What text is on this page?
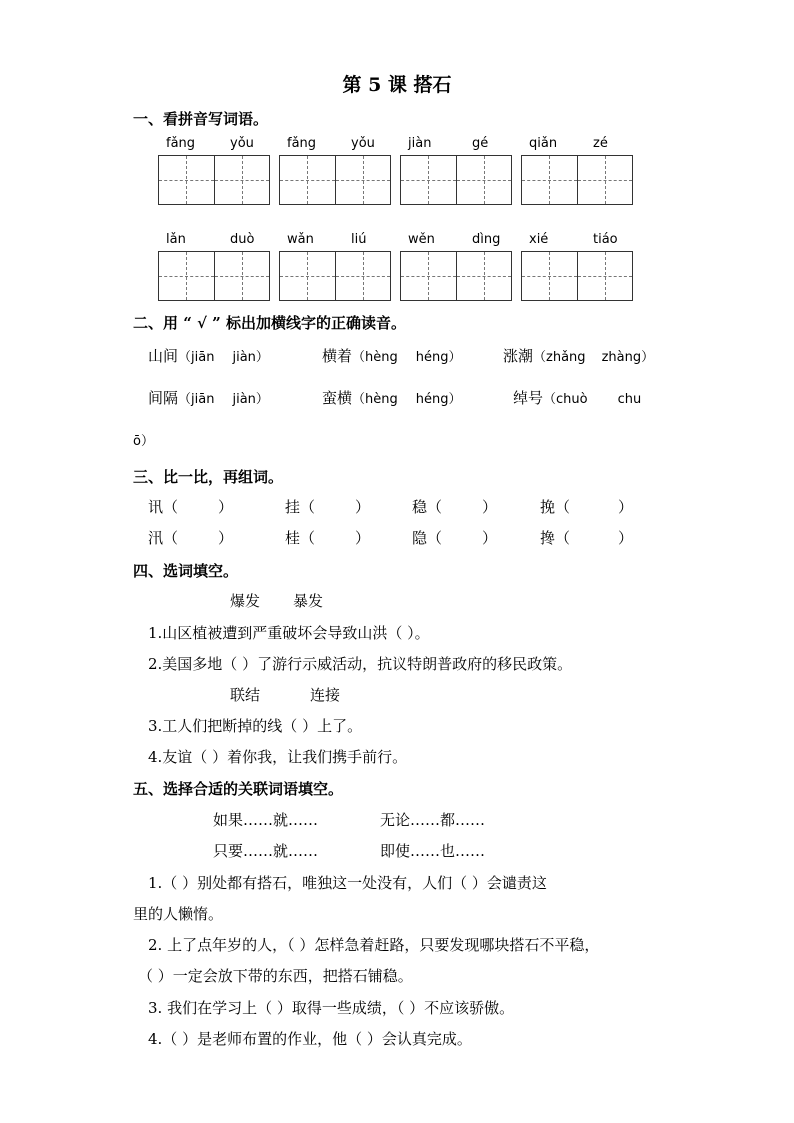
第 5 课 搭石
一、看拼音写词语。
fǎng	yǒu	fǎng	yǒu	jiàn	gé	qiǎn	zé
lǎn	duò	wǎn	liú	wěn	dìng xié	tiáo
二、用 “ √ ” 标出加横线字的正确读音。
山间（jiān jiàn）	横着（hèng héng）	涨潮（zhǎng zhàng）
间隔（jiān jiàn）	蛮横（hèng héng）	绰号（chuò chu
ō）
三、比一比，再组词。
讯（	）	挂（	）	稳（	）	挽（	）
汛（	）	桂（	）	隐（	）	搀（	）
四、选词填空。
爆发 暴发
1.山区植被遭到严重破坏会导致山洪（ ）。
2.美国多地（ ）了游行示威活动，抗议特朗普政府的移民政策。
联结	连接
3.工人们把断掉的线（ ）上了。
4.友谊（ ）着你我，让我们携手前行。
五、选择合适的关联词语填空。
如果……就……	无论……都……
只要……就……	即使……也……
1.（ ）别处都有搭石，唯独这一处没有，人们（ ）会谴责这
里的人懒惰。
2. 上了点年岁的人，（ ）怎样急着赶路，只要发现哪块搭石不平稳，
（ ）一定会放下带的东西，把搭石铺稳。
3. 我们在学习上（ ）取得一些成绩，（ ）不应该骄傲。
4.（ ）是老师布置的作业，他（ ）会认真完成。
